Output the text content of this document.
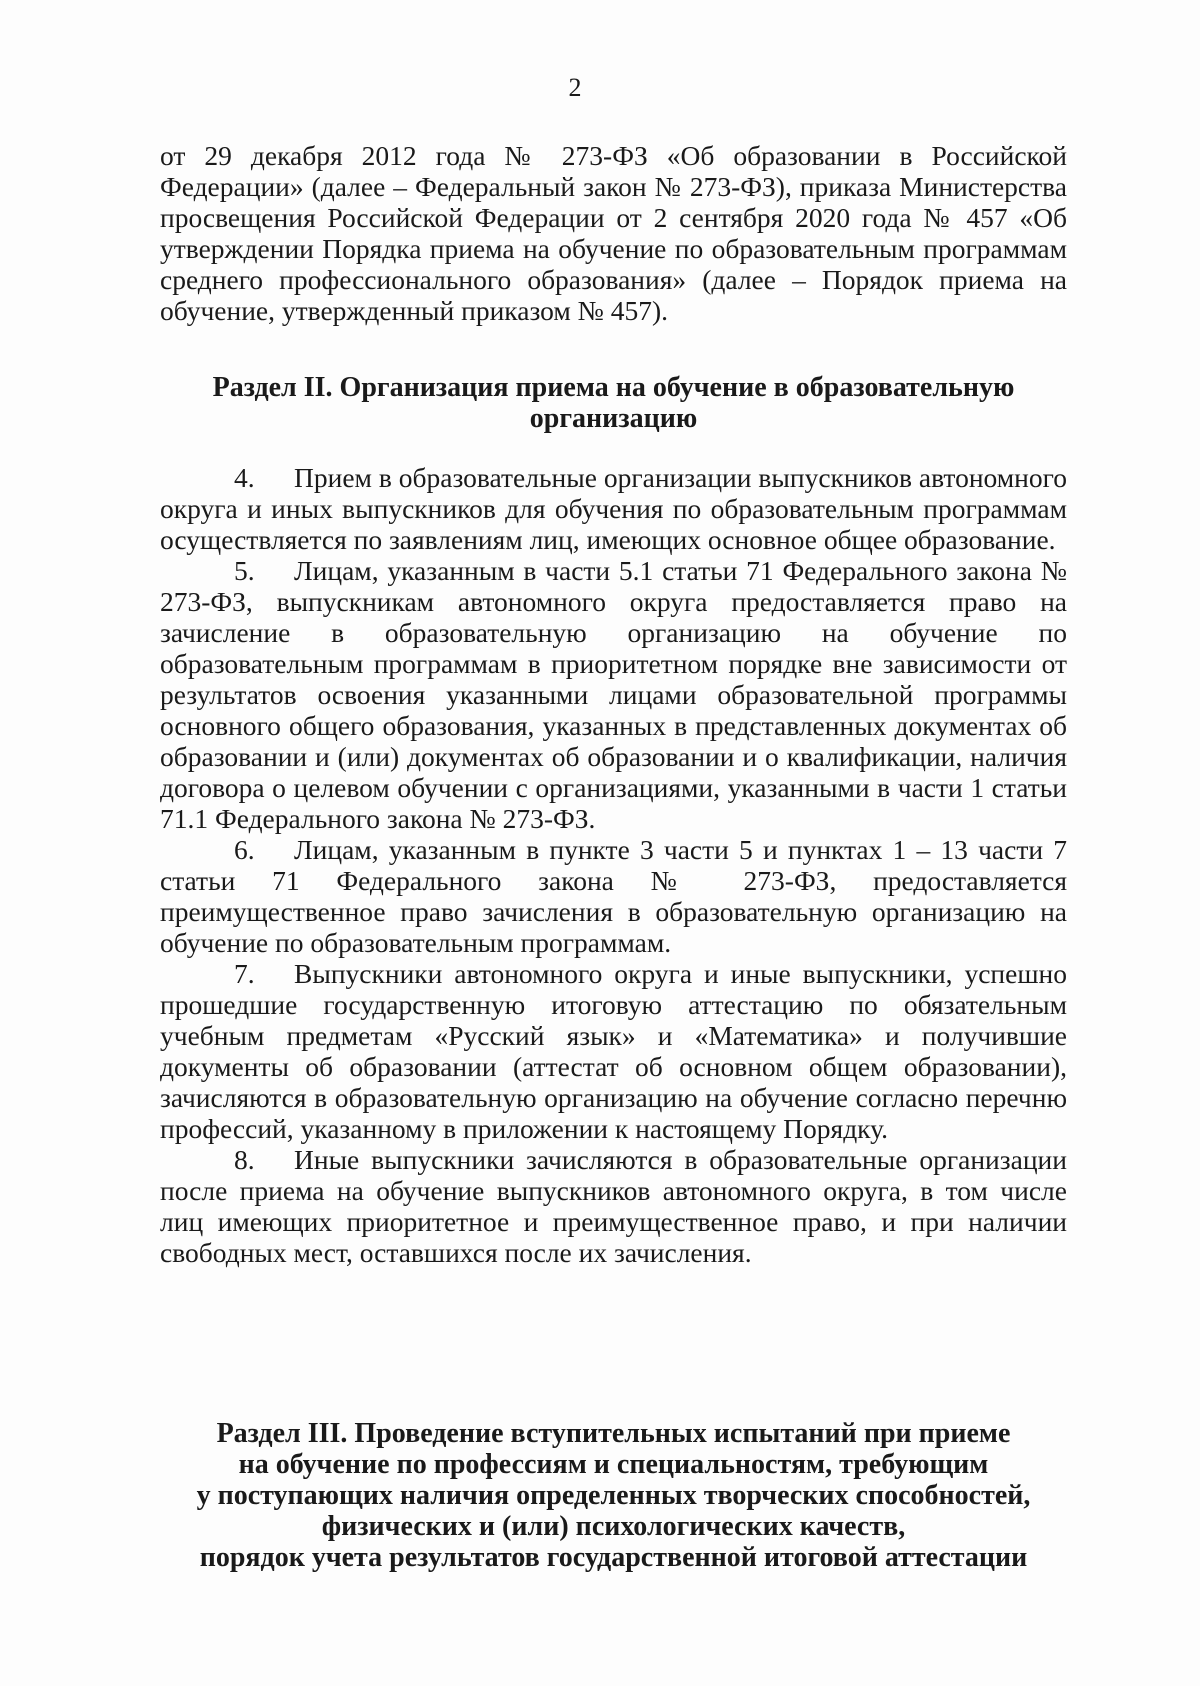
2

от 29 декабря 2012 года № 273-ФЗ «Об образовании в Российской Федерации» (далее – Федеральный закон № 273-ФЗ), приказа Министерства просвещения Российской Федерации от 2 сентября 2020 года № 457 «Об утверждении Порядка приема на обучение по образовательным программам среднего профессионального образования» (далее – Порядок приема на обучение, утвержденный приказом № 457).

Раздел II. Организация приема на обучение в образовательную

организацию

4. Прием в образовательные организации выпускников автономного округа и иных выпускников для обучения по образовательным программам осуществляется по заявлениям лиц, имеющих основное общее образование.

5. Лицам, указанным в части 5.1 статьи 71 Федерального закона № 273-ФЗ, выпускникам автономного округа предоставляется право на зачисление в образовательную организацию на обучение по образовательным программам в приоритетном порядке вне зависимости от результатов освоения указанными лицами образовательной программы основного общего образования, указанных в представленных документах об образовании и (или) документах об образовании и о квалификации, наличия договора о целевом обучении с организациями, указанными в части 1 статьи 71.1 Федерального закона № 273-ФЗ.

6. Лицам, указанным в пункте 3 части 5 и пунктах 1 – 13 части 7 статьи 71 Федерального закона № 273-ФЗ, предоставляется преимущественное право зачисления в образовательную организацию на обучение по образовательным программам.

7. Выпускники автономного округа и иные выпускники, успешно прошедшие государственную итоговую аттестацию по обязательным учебным предметам «Русский язык» и «Математика» и получившие документы об образовании (аттестат об основном общем образовании), зачисляются в образовательную организацию на обучение согласно перечню профессий, указанному в приложении к настоящему Порядку.

8. Иные выпускники зачисляются в образовательные организации после приема на обучение выпускников автономного округа, в том числе лиц имеющих приоритетное и преимущественное право, и при наличии свободных мест, оставшихся после их зачисления.

Раздел III. Проведение вступительных испытаний при приеме

на обучение по профессиям и специальностям, требующим

у поступающих наличия определенных творческих способностей,

физических и (или) психологических качеств,

порядок учета результатов государственной итоговой аттестации
